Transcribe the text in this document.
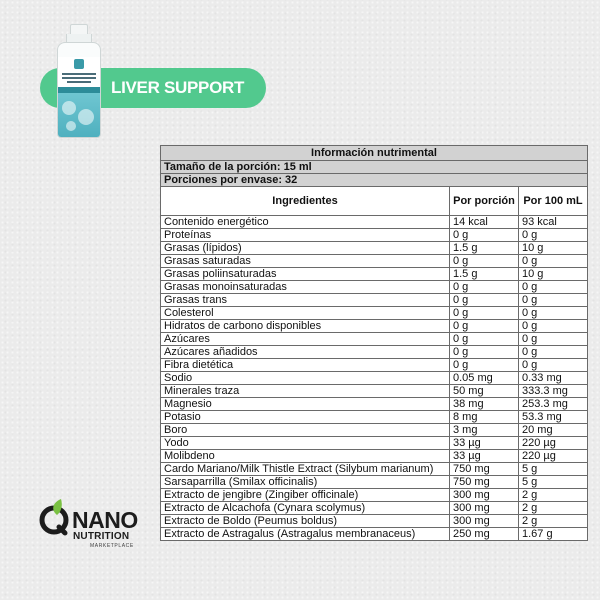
LIVER SUPPORT
Información nutrimental		
Tamaño de la porción: 15 ml		
Porciones por envase: 32		
Ingredientes	Por porción	Por 100 mL
Contenido energético	14 kcal	93 kcal
Proteínas	0 g	0 g
Grasas (lípidos)	1.5 g	10 g
Grasas saturadas	0 g	0 g
Grasas poliinsaturadas	1.5 g	10 g
Grasas monoinsaturadas	0 g	0 g
Grasas trans	0 g	0 g
Colesterol	0 g	0 g
Hidratos de carbono disponibles	0 g	0 g
Azúcares	0 g	0 g
Azúcares añadidos	0 g	0 g
Fibra dietética	0 g	0 g
Sodio	0.05 mg	0.33 mg
Minerales traza	50 mg	333.3 mg
Magnesio	38 mg	253.3 mg
Potasio	8 mg	53.3 mg
Boro	3 mg	20 mg
Yodo	33 µg	220 µg
Molibdeno	33 µg	220 µg
Cardo Mariano/Milk Thistle Extract (Silybum marianum)	750 mg	5 g
Sarsaparrilla (Smilax officinalis)	750 mg	5 g
Extracto de jengibre (Zingiber officinale)	300 mg	2 g
Extracto de Alcachofa (Cynara scolymus)	300 mg	2 g
Extracto de Boldo (Peumus boldus)	300 mg	2 g
Extracto de Astragalus (Astragalus membranaceus)	250 mg	1.67 g
NANO
NUTRITION
MARKETPLACE
